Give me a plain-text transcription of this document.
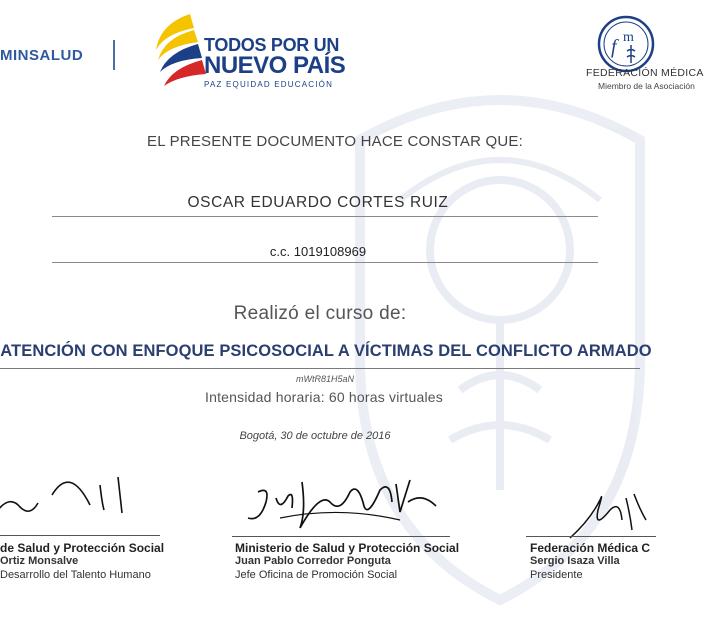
MINSALUD
TODOS POR UN
NUEVO PAÍS
PAZ EQUIDAD EDUCACIÓN
f m
FEDERACIÓN MÉDICA
Miembro de la Asociación
EL PRESENTE DOCUMENTO HACE CONSTAR QUE:
OSCAR EDUARDO CORTES RUIZ
c.c. 1019108969
Realizó el curso de:
ATENCIÓN CON ENFOQUE PSICOSOCIAL A VÍCTIMAS DEL CONFLICTO ARMADO
mWtR81H5aN
Intensidad horaria: 60 horas virtuales
Bogotá, 30 de octubre de 2016
de Salud y Protección Social
Ortiz Monsalve
Desarrollo del Talento Humano
Ministerio de Salud y Protección Social
Juan Pablo Corredor Ponguta
Jefe Oficina de Promoción Social
Federación Médica C
Sergio Isaza Villa
Presidente
